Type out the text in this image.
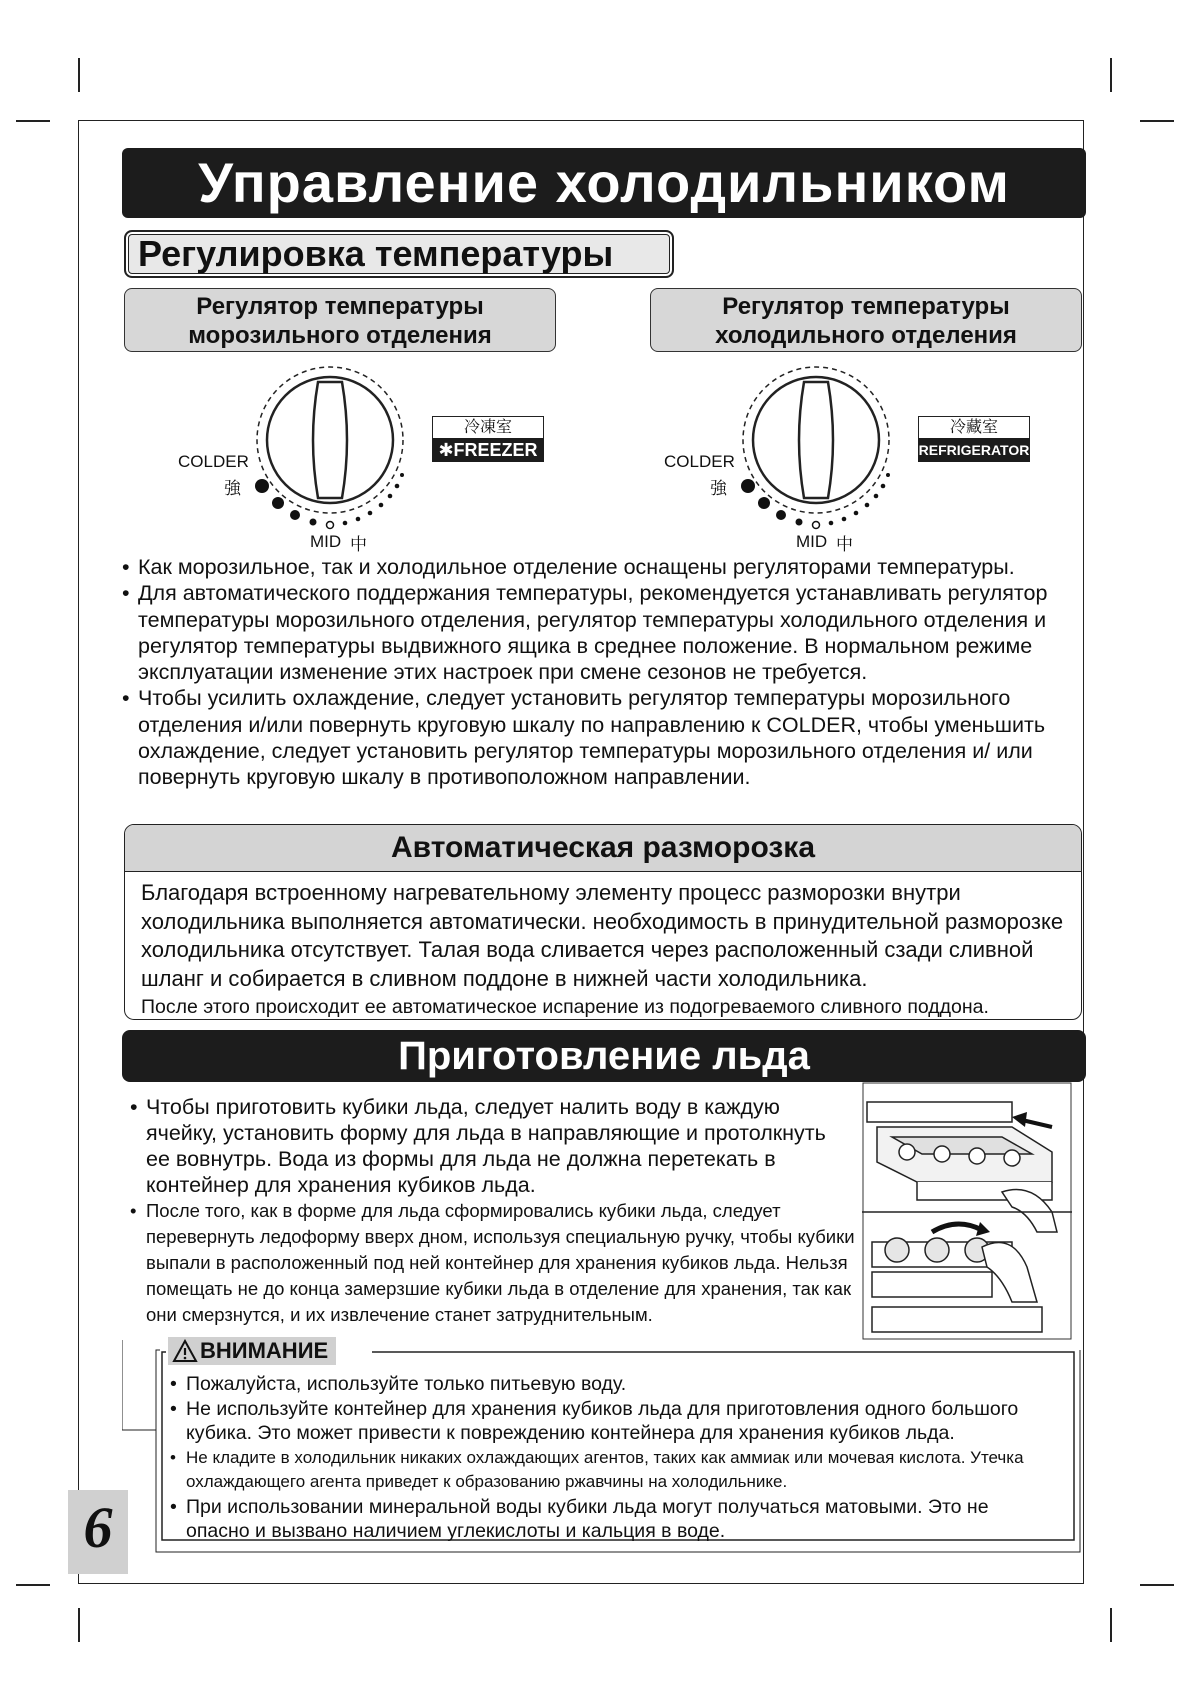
6
Управление холодильником
Регулировка температуры
Регулятор температуры
морозильного отделения
Регулятор температуры
холодильного отделения
COLDER
強
MID 中
冷凍室
✱FREEZER
COLDER
強
MID 中
冷藏室
REFRIGERATOR
• Как морозильное, так и холодильное отделение оснащены регуляторами температуры.
• Для автоматического поддержания температуры, рекомендуется устанавливать регулятор температуры морозильного отделения, регулятор температуры холодильного отделения и регулятор температуры выдвижного ящика в среднее положение. В нормальном режиме эксплуатации изменение этих настроек при смене сезонов не требуется.
• Чтобы усилить охлаждение, следует установить регулятор температуры морозильного отделения и/или повернуть круговую шкалу по направлению к COLDER, чтобы уменьшить охлаждение, следует установить регулятор температуры морозильного отделения и/ или повернуть круговую шкалу в противоположном направлении.
Автоматическая разморозка
Благодаря встроенному нагревательному элементу процесс разморозки внутри холодильника выполняется автоматически. необходимость в принудительной разморозке холодильника отсутствует. Талая вода сливается через расположенный сзади сливной шланг и собирается в сливном поддоне в нижней части холодильника.
После этого происходит ее автоматическое испарение из подогреваемого сливного поддона.
Приготовление льда
• Чтобы приготовить кубики льда, следует налить воду в каждую ячейку, установить форму для льда в направляющие и протолкнуть ее вовнутрь. Вода из формы для льда не должна перетекать в контейнер для хранения кубиков льда.
• После того, как в форме для льда сформировались кубики льда, следует перевернуть ледоформу вверх дном, используя специальную ручку, чтобы кубики выпали в расположенный под ней контейнер для хранения кубиков льда. Нельзя помещать не до конца замерзшие кубики льда в отделение для хранения, так как они смерзнутся, и их извлечение станет затруднительным.
ВНИМАНИЕ
• Пожалуйста, используйте только питьевую воду.
• Не используйте контейнер для хранения кубиков льда для приготовления одного большого кубика. Это может привести к повреждению контейнера для хранения кубиков льда.
• Не кладите в холодильник никаких охлаждающих агентов, таких как аммиак или мочевая кислота. Утечка охлаждающего агента приведет к образованию ржавчины на холодильнике.
• При использовании минеральной воды кубики льда могут получаться матовыми. Это не опасно и вызвано наличием углекислоты и кальция в воде.
